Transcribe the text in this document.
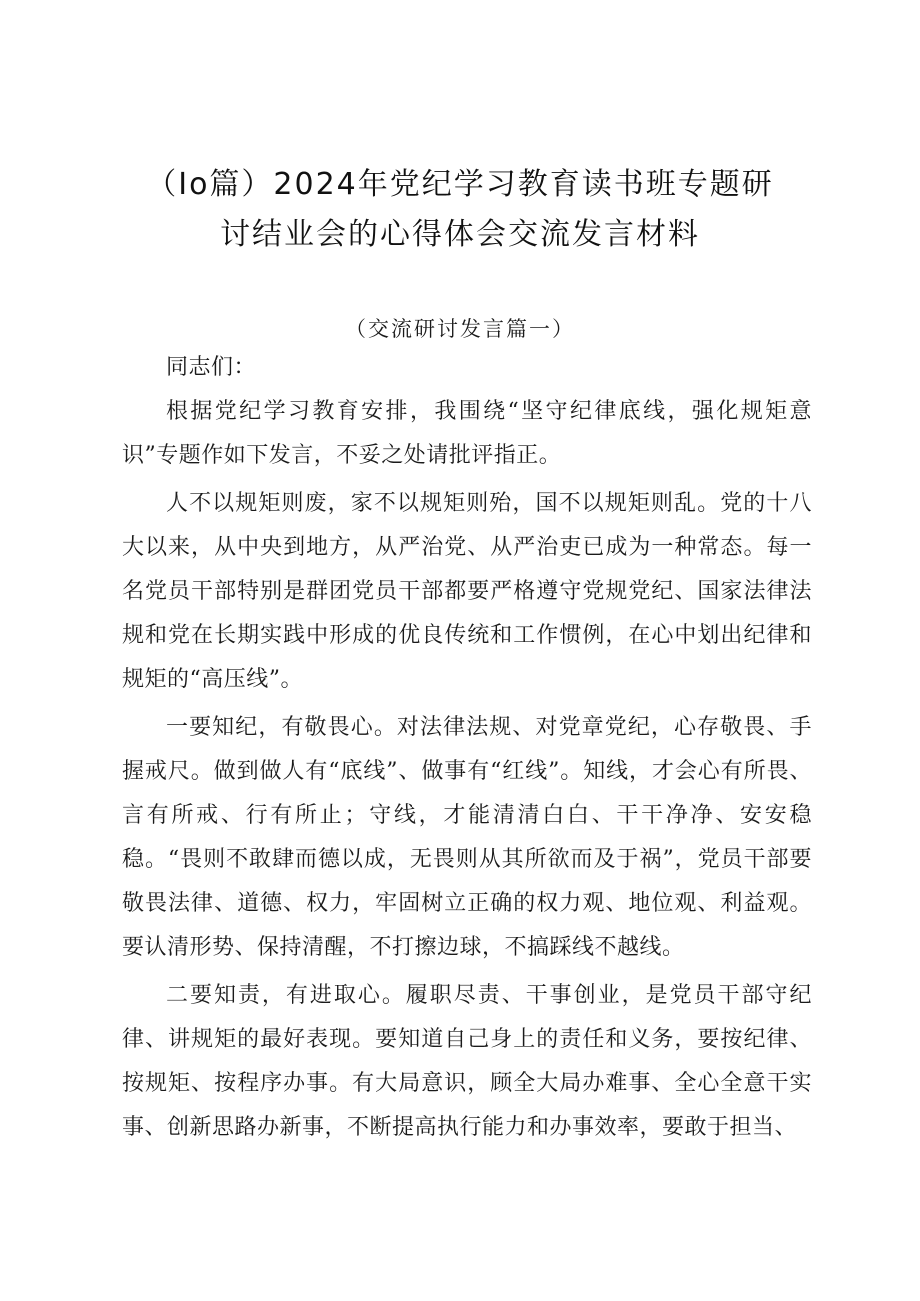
（Io篇）2024年党纪学习教育读书班专题研
讨结业会的心得体会交流发言材料

（交流研讨发言篇一）

同志们：

根据党纪学习教育安排，我围绕“坚守纪律底线，强化规矩意识”专题作如下发言，不妥之处请批评指正。

人不以规矩则废，家不以规矩则殆，国不以规矩则乱。党的十八大以来，从中央到地方，从严治党、从严治吏已成为一种常态。每一名党员干部特别是群团党员干部都要严格遵守党规党纪、国家法律法规和党在长期实践中形成的优良传统和工作惯例，在心中划出纪律和规矩的“高压线”。

一要知纪，有敬畏心。对法律法规、对党章党纪，心存敬畏、手握戒尺。做到做人有“底线”、做事有“红线”。知线，才会心有所畏、言有所戒、行有所止；守线，才能清清白白、干干净净、安安稳稳。“畏则不敢肆而德以成，无畏则从其所欲而及于祸”，党员干部要敬畏法律、道德、权力，牢固树立正确的权力观、地位观、利益观。要认清形势、保持清醒，不打擦边球，不搞踩线不越线。

二要知责，有进取心。履职尽责、干事创业，是党员干部守纪律、讲规矩的最好表现。要知道自己身上的责任和义务，要按纪律、按规矩、按程序办事。有大局意识，顾全大局办难事、全心全意干实事、创新思路办新事，不断提高执行能力和办事效率，要敢于担当、
